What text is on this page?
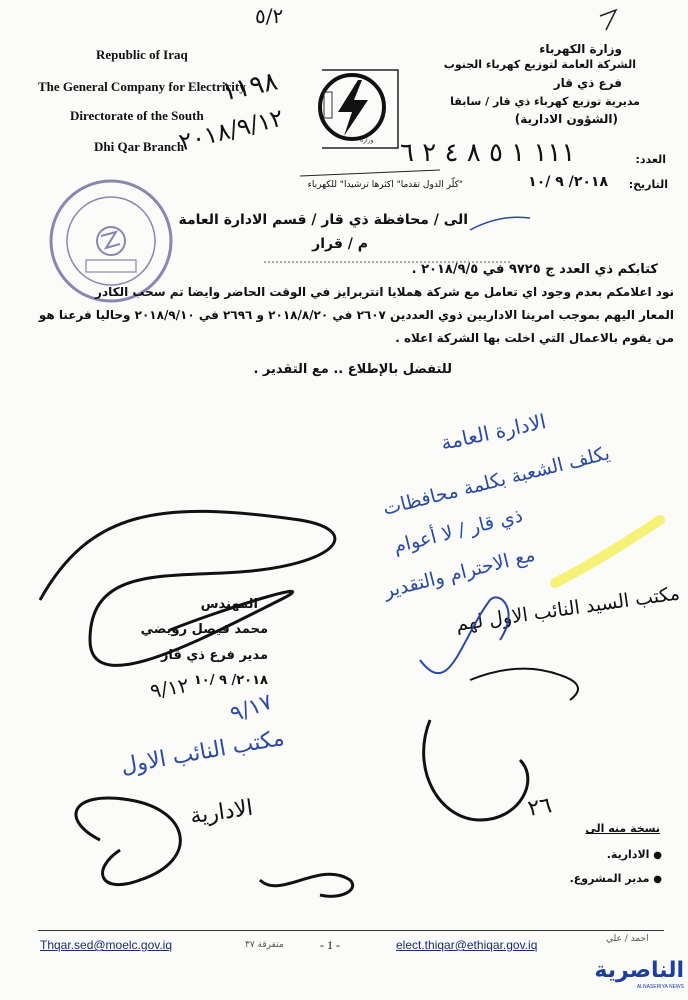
٥/٢
Republic of Iraq
The General Company for Electricity
Directorate of the South
Dhi Qar Branch
وزارة الكهرباء
الشركة العامة لتوزيع كهرباء الجنوب
فرع ذي قار
مديرية توزيع كهرباء ذي قار / سابقا
(الشؤون الادارية)
وزارة
١١٩٨
٢٠١٨/٩/١٢
العدد:
١١١ ١ ٥ ٨ ٤ ٢ ٦
التاريخ:
٢٠١٨/ ٩ /١٠
"كلّر الدول تقدما" اكثرها ترشيدا" للكهرباء
الى / محافظة ذي قار / قسم الادارة العامة
م / قرار
كتابكم ذي العدد ج ٩٧٢٥ في ٢٠١٨/٩/٥ .
نود اعلامكم بعدم وجود اي تعامل مع شركة هملايا انتربرايز في الوقت الحاضر وايضا تم سحب الكادر
المعار اليهم بموجب امرينا الاداريين ذوي العددين ٢٦٠٧ في ٢٠١٨/٨/٢٠ و ٢٦٩٦ في ٢٠١٨/٩/١٠ وحاليا فرعنا هو
من يقوم بالاعمال التي اخلت بها الشركة اعلاه .
للتفضل بالإطلاع .. مع التقدير .
الادارة العامة
يكلف الشعبة بكلمة محافظات
ذي قار / لا أعوام
مع الاحترام والتقدير
مكتب السيد النائب الاول لهم
مكتب النائب الاول
الادارية
٩/١٧
٢٦
٩/١٢
المهندس
محمد فيصل رويضي
مدير فرع ذي قار
٢٠١٨/ ٩ /١٠
نسخة منه الى
● الادارية.
● مدير المشروع.
Thqar.sed@moelc.gov.iq	متفرقة ٣٧	- 1 -	elect.thiqar@ethiqar.gov.iq	احمد / علي
الناصرية
ALNASERIYA NEWS
